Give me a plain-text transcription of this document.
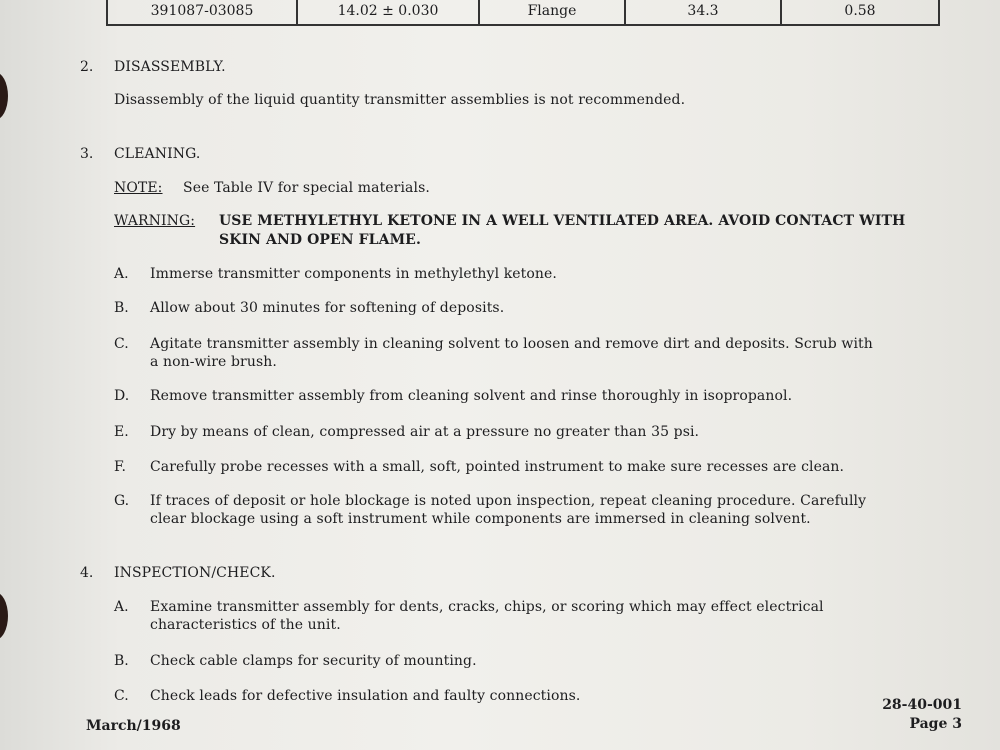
391087-03085	14.02 ± 0.030	Flange	34.3	0.58
2. DISASSEMBLY.
Disassembly of the liquid quantity transmitter assemblies is not recommended.
3. CLEANING.
NOTE: See Table IV for special materials.
WARNING: USE METHYLETHYL KETONE IN A WELL VENTILATED AREA. AVOID CONTACT WITH
SKIN AND OPEN FLAME.
A. Immerse transmitter components in methylethyl ketone.
B. Allow about 30 minutes for softening of deposits.
C. Agitate transmitter assembly in cleaning solvent to loosen and remove dirt and deposits. Scrub with
a non-wire brush.
D. Remove transmitter assembly from cleaning solvent and rinse thoroughly in isopropanol.
E. Dry by means of clean, compressed air at a pressure no greater than 35 psi.
F. Carefully probe recesses with a small, soft, pointed instrument to make sure recesses are clean.
G. If traces of deposit or hole blockage is noted upon inspection, repeat cleaning procedure. Carefully
clear blockage using a soft instrument while components are immersed in cleaning solvent.
4. INSPECTION/CHECK.
A. Examine transmitter assembly for dents, cracks, chips, or scoring which may effect electrical
characteristics of the unit.
B. Check cable clamps for security of mounting.
C. Check leads for defective insulation and faulty connections.
March/1968
28-40-001
Page 3
